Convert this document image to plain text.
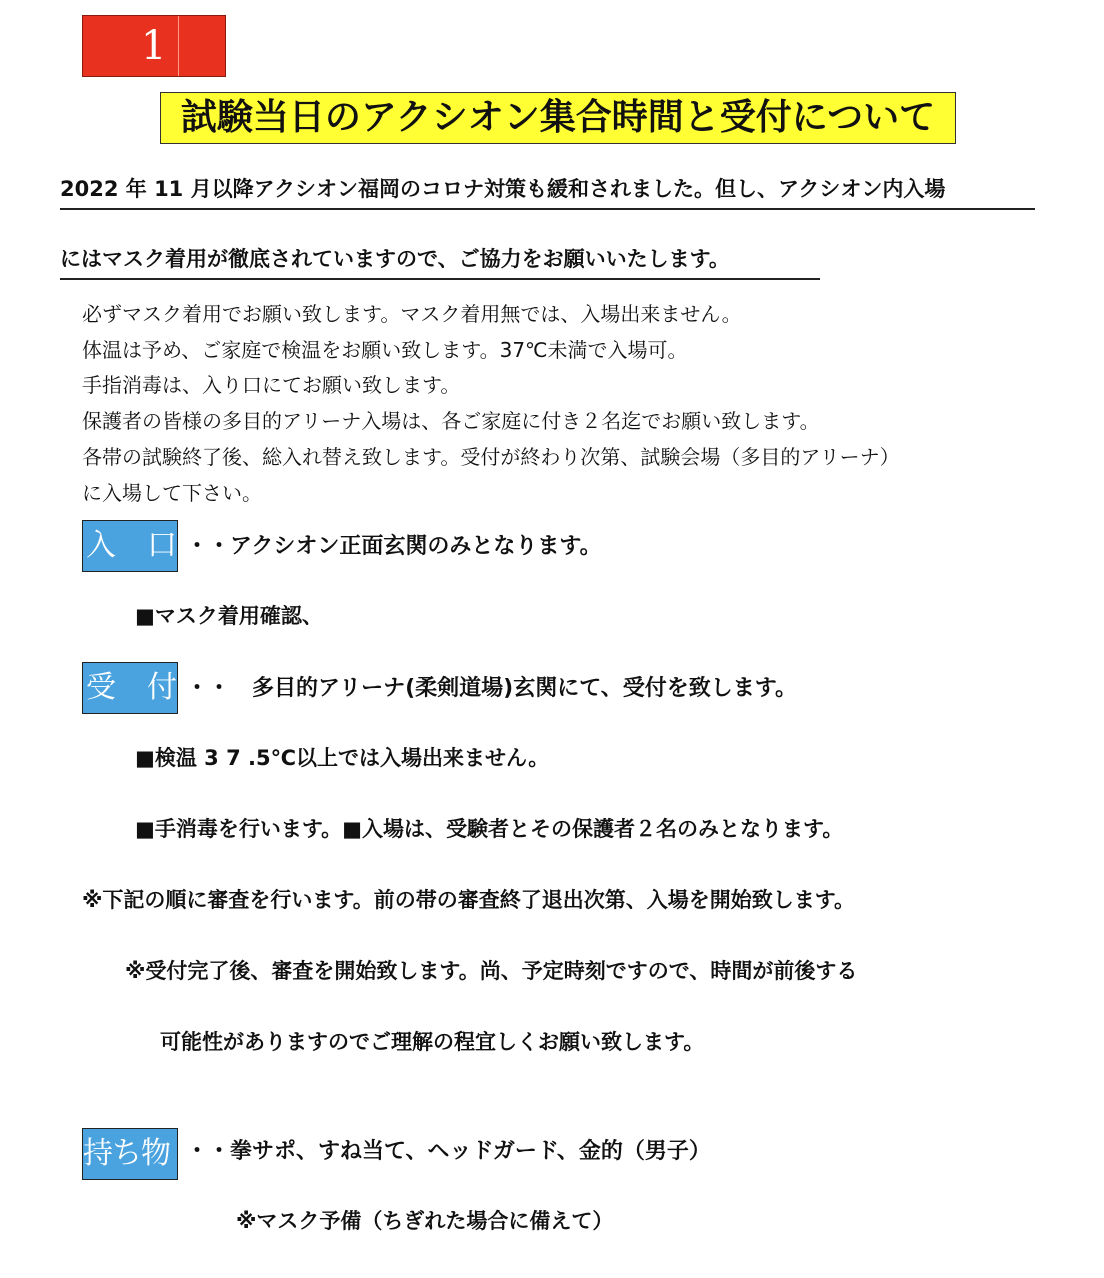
1
試験当日のアクシオン集合時間と受付について
2022 年 11 月以降アクシオン福岡のコロナ対策も緩和されました。但し、アクシオン内入場
にはマスク着用が徹底されていますので、ご協力をお願いいたします。
必ずマスク着用でお願い致します。マスク着用無では、入場出来ません。
体温は予め、ご家庭で検温をお願い致します。37℃未満で入場可。
手指消毒は、入り口にてお願い致します。
保護者の皆様の多目的アリーナ入場は、各ご家庭に付き２名迄でお願い致します。
各帯の試験終了後、総入れ替え致します。受付が終わり次第、試験会場（多目的アリーナ）
に入場して下さい。
入 口 ・・アクシオン正面玄関のみとなります。
■マスク着用確認、
受 付 ・・　多目的アリーナ(柔剣道場)玄関にて、受付を致します。
■検温 3 7 .5℃以上では入場出来ません。
■手消毒を行います。■入場は、受験者とその保護者２名のみとなります。
※下記の順に審査を行います。前の帯の審査終了退出次第、入場を開始致します。
※受付完了後、審査を開始致します。尚、予定時刻ですので、時間が前後する
可能性がありますのでご理解の程宜しくお願い致します。
持ち物 ・・拳サポ、すね当て、ヘッドガード、金的（男子）
※マスク予備（ちぎれた場合に備えて）
